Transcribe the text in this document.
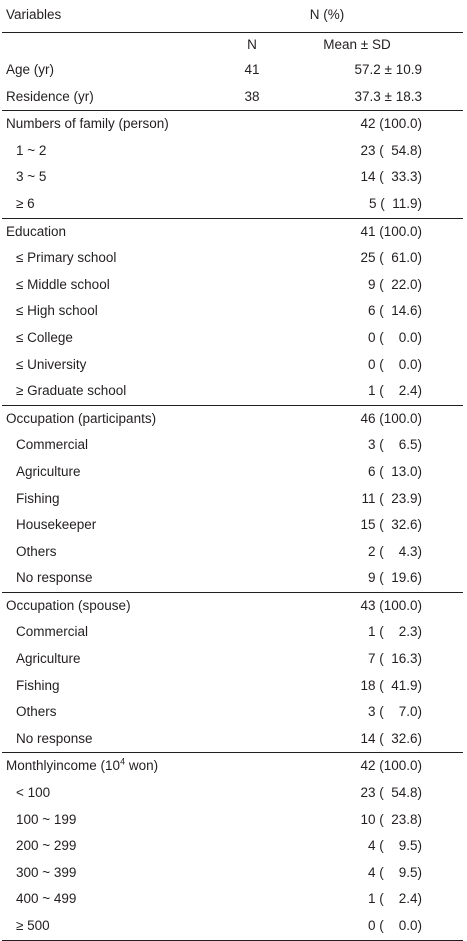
Variables	N (%)
N	Mean ± SD
Age (yr)	41	57.2 ± 10.9
Residence (yr)	38	37.3 ± 18.3
Numbers of family (person)	42 (100.0)
1 ~ 2	23 (  54.8)
3 ~ 5	14 (  33.3)
≥ 6	5 (  11.9)
Education	41 (100.0)
≤ Primary school	25 (  61.0)
≤ Middle school	9 (  22.0)
≤ High school	6 (  14.6)
≤ College	0 (    0.0)
≤ University	0 (    0.0)
≥ Graduate school	1 (    2.4)
Occupation (participants)	46 (100.0)
Commercial	3 (    6.5)
Agriculture	6 (  13.0)
Fishing	11 (  23.9)
Housekeeper	15 (  32.6)
Others	2 (    4.3)
No response	9 (  19.6)
Occupation (spouse)	43 (100.0)
Commercial	1 (    2.3)
Agriculture	7 (  16.3)
Fishing	18 (  41.9)
Others	3 (    7.0)
No response	14 (  32.6)
Monthlyincome ($10^4$ won)	42 (100.0)
< 100	23 (  54.8)
100 ~ 199	10 (  23.8)
200 ~ 299	4 (    9.5)
300 ~ 399	4 (    9.5)
400 ~ 499	1 (    2.4)
≥ 500	0 (    0.0)
